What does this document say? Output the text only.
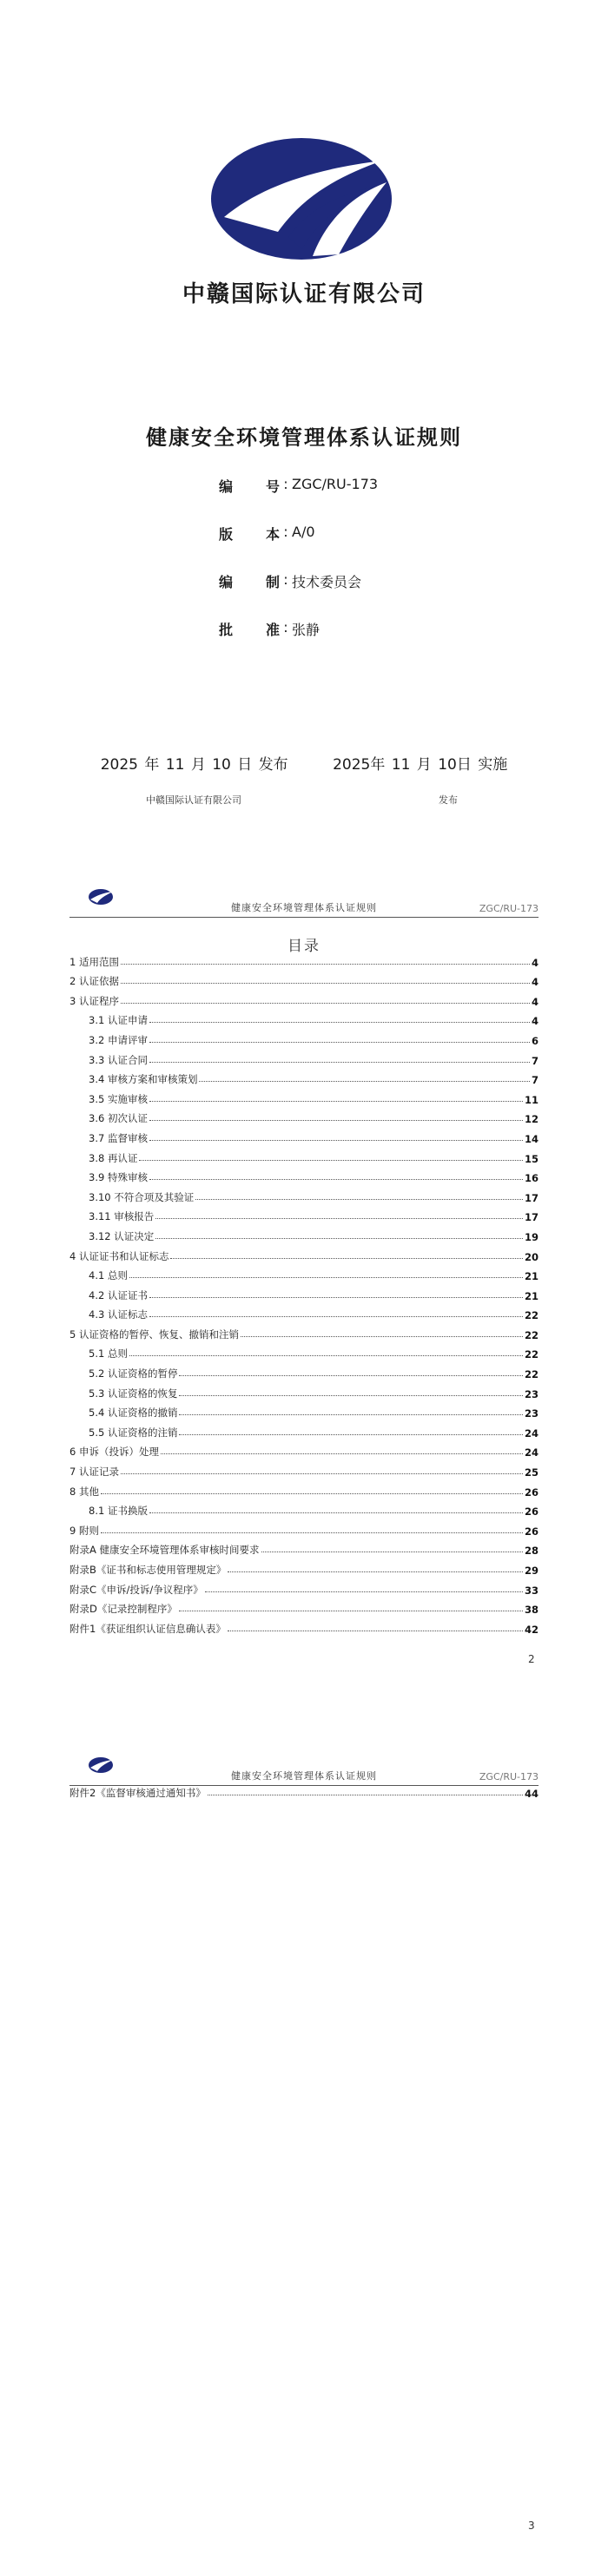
中赣国际认证有限公司
健康安全环境管理体系认证规则
编 号 : ZGC/RU-173
版 本 : A/0
编 制 : 技术委员会
批 准 : 张静
2025 年 11 月 10 日 发布	2025年 11 月 10日 实施
中赣国际认证有限公司	发布
健康安全环境管理体系认证规则	ZGC/RU-173
目录
1 适用范围	4
2 认证依据	4
3 认证程序	4
3.1 认证申请	4
3.2 申请评审	6
3.3 认证合同	7
3.4 审核方案和审核策划	7
3.5 实施审核	11
3.6 初次认证	12
3.7 监督审核	14
3.8 再认证	15
3.9 特殊审核	16
3.10 不符合项及其验证	17
3.11 审核报告	17
3.12 认证决定	19
4 认证证书和认证标志	20
4.1 总则	21
4.2 认证证书	21
4.3 认证标志	22
5 认证资格的暂停、恢复、撤销和注销	22
5.1 总则	22
5.2 认证资格的暂停	22
5.3 认证资格的恢复	23
5.4 认证资格的撤销	23
5.5 认证资格的注销	24
6 申诉（投诉）处理	24
7 认证记录	25
8 其他	26
8.1 证书换版	26
9 附则	26
附录A 健康安全环境管理体系审核时间要求	28
附录B《证书和标志使用管理规定》	29
附录C《申诉/投诉/争议程序》	33
附录D《记录控制程序》	38
附件1《获证组织认证信息确认表》	42
2
健康安全环境管理体系认证规则	ZGC/RU-173
附件2《监督审核通过通知书》	44
3
